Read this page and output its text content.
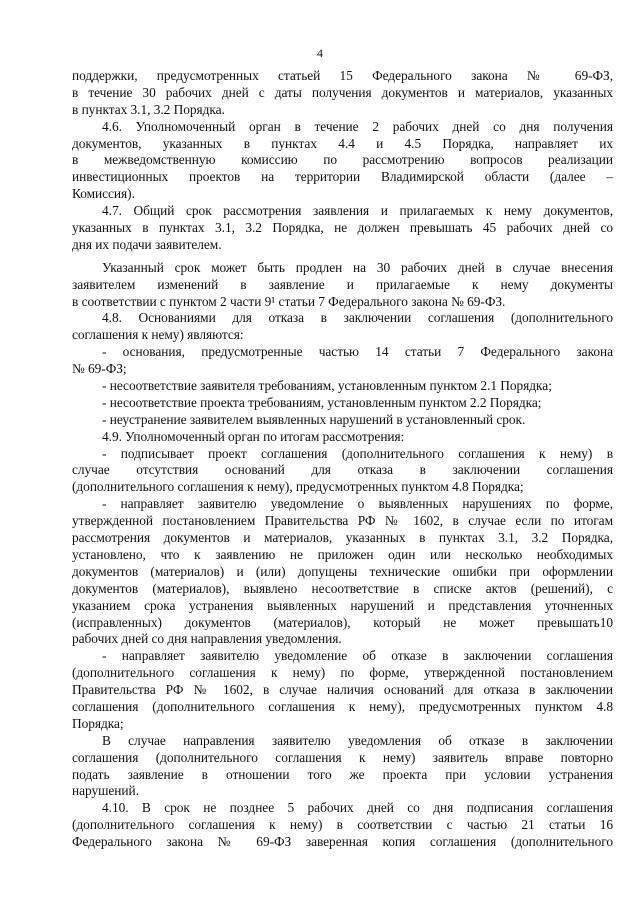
4
поддержки, предусмотренных статьей 15 Федерального закона № 69-ФЗ,
в течение 30 рабочих дней с даты получения документов и материалов, указанных
в пунктах 3.1, 3.2 Порядка.
4.6. Уполномоченный орган в течение 2 рабочих дней со дня получения
документов, указанных в пунктах 4.4 и 4.5 Порядка, направляет их
в межведомственную комиссию по рассмотрению вопросов реализации
инвестиционных проектов на территории Владимирской области (далее –
Комиссия).
4.7. Общий срок рассмотрения заявления и прилагаемых к нему документов,
указанных в пунктах 3.1, 3.2 Порядка, не должен превышать 45 рабочих дней со
дня их подачи заявителем.
Указанный срок может быть продлен на 30 рабочих дней в случае внесения
заявителем изменений в заявление и прилагаемые к нему документы
в соответствии с пунктом 2 части 9¹ статьи 7 Федерального закона № 69-ФЗ.
4.8. Основаниями для отказа в заключении соглашения (дополнительного
соглашения к нему) являются:
- основания, предусмотренные частью 14 статьи 7 Федерального закона
№ 69-ФЗ;
- несоответствие заявителя требованиям, установленным пунктом 2.1 Порядка;
- несоответствие проекта требованиям, установленным пунктом 2.2 Порядка;
- неустранение заявителем выявленных нарушений в установленный срок.
4.9. Уполномоченный орган по итогам рассмотрения:
- подписывает проект соглашения (дополнительного соглашения к нему) в
случае отсутствия оснований для отказа в заключении соглашения
(дополнительного соглашения к нему), предусмотренных пунктом 4.8 Порядка;
- направляет заявителю уведомление о выявленных нарушениях по форме,
утвержденной постановлением Правительства РФ № 1602, в случае если по итогам
рассмотрения документов и материалов, указанных в пунктах 3.1, 3.2 Порядка,
установлено, что к заявлению не приложен один или несколько необходимых
документов (материалов) и (или) допущены технические ошибки при оформлении
документов (материалов), выявлено несоответствие в списке актов (решений), с
указанием срока устранения выявленных нарушений и представления уточненных
(исправленных) документов (материалов), который не может превышать10
рабочих дней со дня направления уведомления.
- направляет заявителю уведомление об отказе в заключении соглашения
(дополнительного соглашения к нему) по форме, утвержденной постановлением
Правительства РФ № 1602, в случае наличия оснований для отказа в заключении
соглашения (дополнительного соглашения к нему), предусмотренных пунктом 4.8
Порядка;
В случае направления заявителю уведомления об отказе в заключении
соглашения (дополнительного соглашения к нему) заявитель вправе повторно
подать заявление в отношении того же проекта при условии устранения
нарушений.
4.10. В срок не позднее 5 рабочих дней со дня подписания соглашения
(дополнительного соглашения к нему) в соответствии с частью 21 статьи 16
Федерального закона № 69-ФЗ заверенная копия соглашения (дополнительного
